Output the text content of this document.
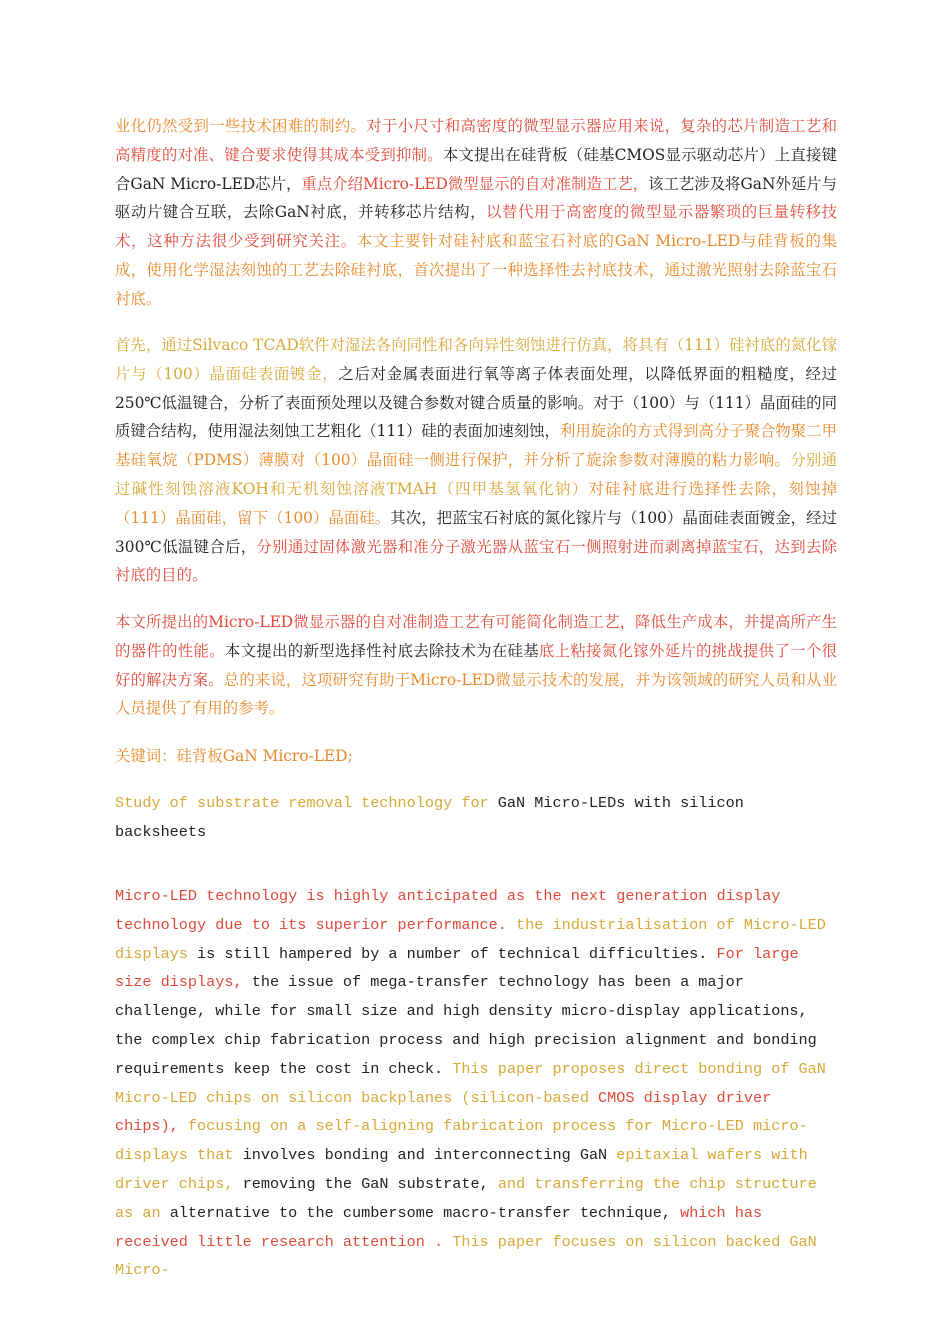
业化仍然受到一些技术困难的制约。对于小尺寸和高密度的微型显示器应用来说，复杂的芯片制造工艺和高精度的对准、键合要求使得其成本受到抑制。本文提出在硅背板（硅基CMOS显示驱动芯片）上直接键合GaN Micro-LED芯片，重点介绍Micro-LED微型显示的自对准制造工艺，该工艺涉及将GaN外延片与驱动片键合互联，去除GaN衬底，并转移芯片结构，以替代用于高密度的微型显示器繁琐的巨量转移技术，这种方法很少受到研究关注。本文主要针对硅衬底和蓝宝石衬底的GaN Micro-LED与硅背板的集成，使用化学湿法刻蚀的工艺去除硅衬底，首次提出了一种选择性去衬底技术，通过激光照射去除蓝宝石衬底。

首先，通过Silvaco TCAD软件对湿法各向同性和各向异性刻蚀进行仿真，将具有（111）硅衬底的氮化镓片与（100）晶面硅表面镀金，之后对金属表面进行氧等离子体表面处理，以降低界面的粗糙度，经过250℃低温键合，分析了表面预处理以及键合参数对键合质量的影响。对于（100）与（111）晶面硅的同质键合结构，使用湿法刻蚀工艺粗化（111）硅的表面加速刻蚀，利用旋涂的方式得到高分子聚合物聚二甲基硅氧烷（PDMS）薄膜对（100）晶面硅一侧进行保护，并分析了旋涂参数对薄膜的粘力影响。分别通过碱性刻蚀溶液KOH和无机刻蚀溶液TMAH（四甲基氢氧化钠）对硅衬底进行选择性去除，刻蚀掉（111）晶面硅，留下（100）晶面硅。其次，把蓝宝石衬底的氮化镓片与（100）晶面硅表面镀金，经过300℃低温键合后，分别通过固体激光器和准分子激光器从蓝宝石一侧照射进而剥离掉蓝宝石，达到去除衬底的目的。

本文所提出的Micro-LED微显示器的自对准制造工艺有可能简化制造工艺，降低生产成本，并提高所产生的器件的性能。本文提出的新型选择性衬底去除技术为在硅基底上粘接氮化镓外延片的挑战提供了一个很好的解决方案。总的来说，这项研究有助于Micro-LED微显示技术的发展，并为该领域的研究人员和从业人员提供了有用的参考。

关键词：硅背板GaN Micro-LED;

Study of substrate removal technology for GaN Micro-LEDs with silicon backsheets

Micro-LED technology is highly anticipated as the next generation display technology due to its superior performance. the industrialisation of Micro-LED displays is still hampered by a number of technical difficulties. For large size displays, the issue of mega-transfer technology has been a major challenge, while for small size and high density micro-display applications, the complex chip fabrication process and high precision alignment and bonding requirements keep the cost in check. This paper proposes direct bonding of GaN Micro-LED chips on silicon backplanes (silicon-based CMOS display driver chips), focusing on a self-aligning fabrication process for Micro-LED micro-displays that involves bonding and interconnecting GaN epitaxial wafers with driver chips, removing the GaN substrate, and transferring the chip structure as an alternative to the cumbersome macro-transfer technique, which has received little research attention . This paper focuses on silicon backed GaN Micro-
